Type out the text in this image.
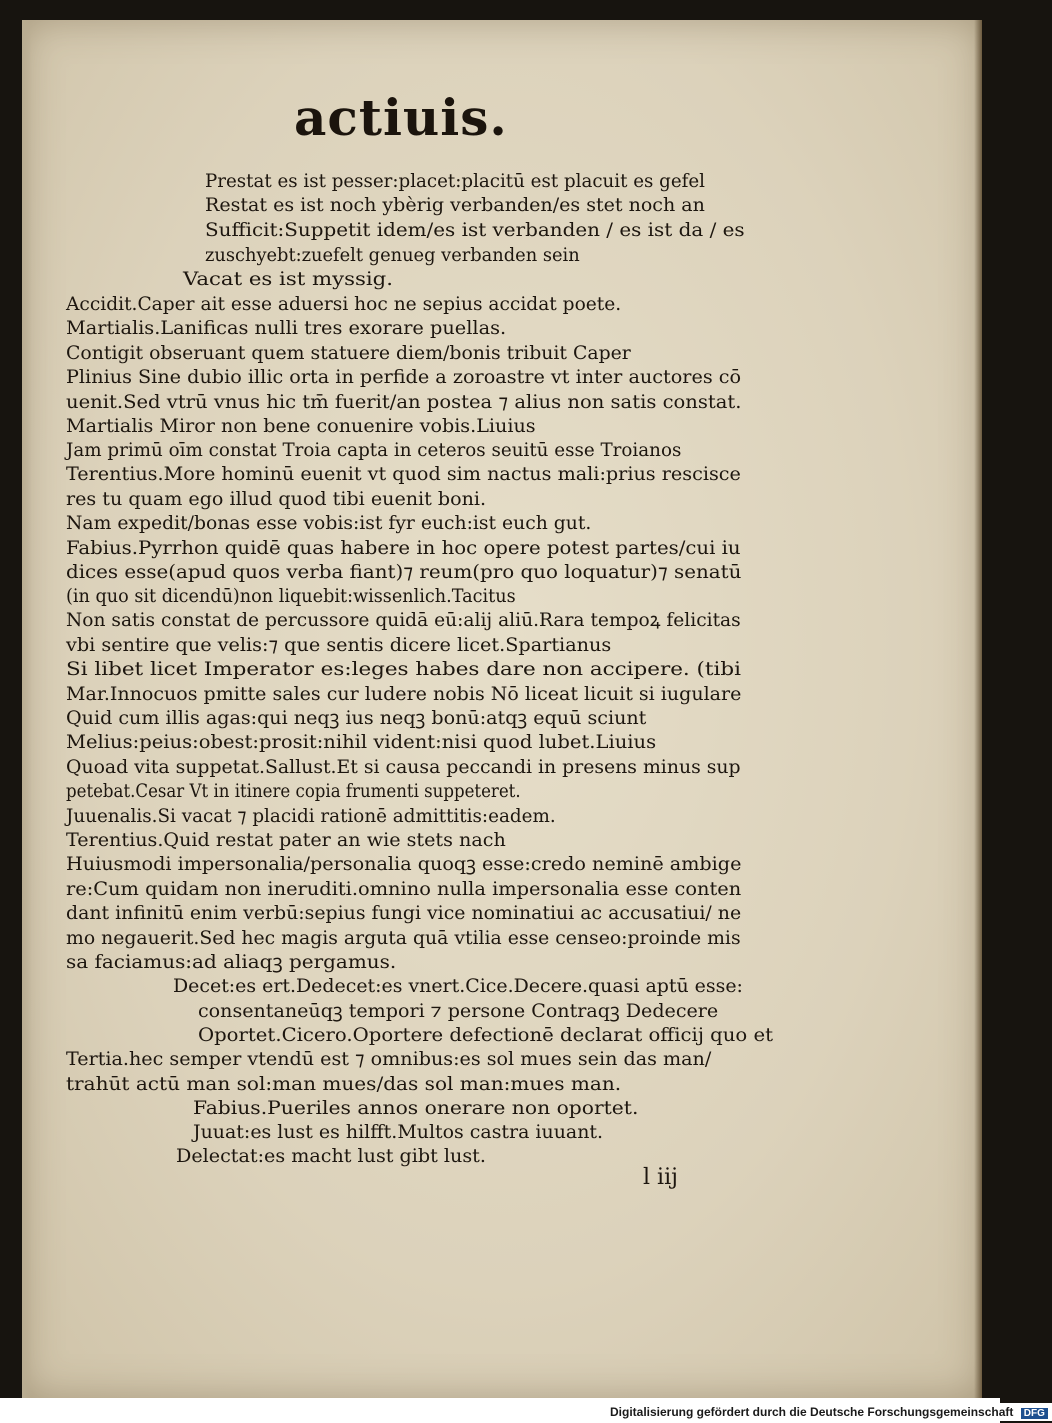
actiuis.
Prestat es ist pesser:placet:placitū est placuit es gefel
Restat es ist noch ybèrig verbanden/es stet noch an
Sufficit:Suppetit idem/es ist verbanden / es ist da / es
zuschyebt:zuefelt genueg verbanden sein
Vacat es ist myssig.
Accidit.Caper ait esse aduersi hoc ne sepius accidat poete.
Martialis.Lanificas nulli tres exorare puellas.
Contigit obseruant quem statuere diem/bonis tribuit Caper
Plinius Sine dubio illic orta in perfide a zoroastre vt inter auctores cō
uenit.Sed vtrū vnus hic tm̄ fuerit/an postea ⁊ alius non satis constat.
Martialis Miror non bene conuenire vobis.Liuius
Jam primū oīm constat Troia capta in ceteros seuitū esse Troianos
Terentius.More hominū euenit vt quod sim nactus mali:prius rescisce
res tu quam ego illud quod tibi euenit boni.
Nam expedit/bonas esse vobis:ist fyr euch:ist euch gut.
Fabius.Pyrrhon quidē quas habere in hoc opere potest partes/cui iu
dices esse(apud quos verba fiant)⁊ reum(pro quo loquatur)⁊ senatū
(in quo sit dicendū)non liquebit:wissenlich.Tacitus
Non satis constat de percussore quidā eū:alij aliū.Rara tempoꝝ felicitas
vbi sentire que velis:⁊ que sentis dicere licet.Spartianus
Si libet licet Imperator es:leges habes dare non accipere. (tibi
Mar.Innocuos pmitte sales cur ludere nobis Nō liceat licuit si iugulare
Quid cum illis agas:qui neqꝫ ius neqꝫ bonū:atqꝫ equū sciunt
Melius:peius:obest:prosit:nihil vident:nisi quod lubet.Liuius
Quoad vita suppetat.Sallust.Et si causa peccandi in presens minus sup
petebat.Cesar Vt in itinere copia frumenti suppeteret.
Juuenalis.Si vacat ⁊ placidi rationē admittitis:eadem.
Terentius.Quid restat pater an wie stets nach
Huiusmodi impersonalia/personalia quoqꝫ esse:credo neminē ambige
re:Cum quidam non ineruditi.omnino nulla impersonalia esse conten
dant infinitū enim verbū:sepius fungi vice nominatiui ac accusatiui/ ne
mo negauerit.Sed hec magis arguta quā vtilia esse censeo:proinde mis
sa faciamus:ad aliaqꝫ pergamus.
Decet:es ert.Dedecet:es vnert.Cice.Decere.quasi aptū esse:
consentaneūqꝫ tempori ⁊ persone Contraqꝫ Dedecere
Oportet.Cicero.Oportere defectionē declarat officij quo et
Tertia.hec semper vtendū est ⁊ omnibus:es sol mues sein das man/
trahūt actū man sol:man mues/das sol man:mues man.
Fabius.Pueriles annos onerare non oportet.
Juuat:es lust es hilfft.Multos castra iuuant.
Delectat:es macht lust gibt lust.
l iij
Digitalisierung gefördert durch die Deutsche Forschungsgemeinschaft DFG
